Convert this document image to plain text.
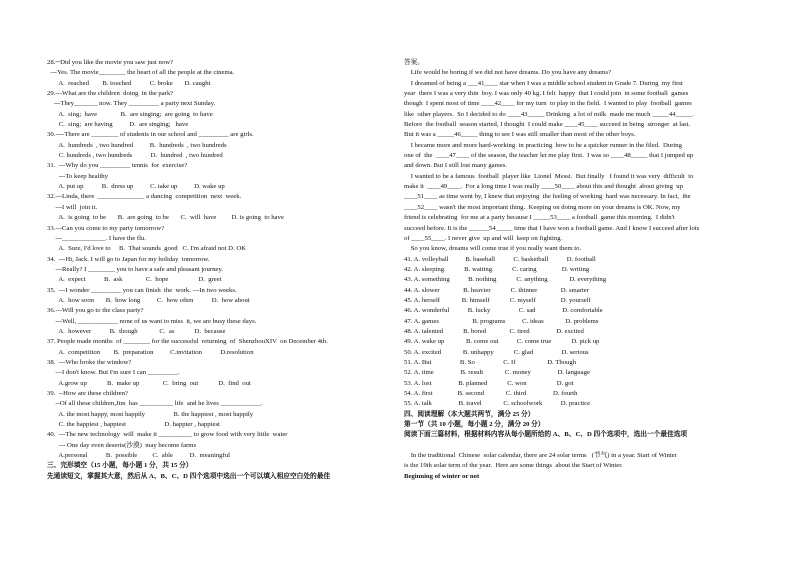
28.─Did you like the movie you saw just now?
---Yes. The movie________ the heart of all the people at the cinema.
A.  reached        B. touched           C. broke       D. caught
29.---What are the children  doing  in the park?
---They_______ now. They _________ a party next Sunday.
A.  sing;  have              B.  are singing;  are going  to have
C.  sing;  are having          D.  are singing;   have
30.----There are ________ of students in our school and _________ are girls.
A.  hundreds  , two hundred          B.  hundreds  , two hundreds
C. hundreds , two hundreds           D.  hundred  , two hundred
31.  ---Why do you _________ tennis  for  exercise?
---To keep healthy
A. put up           B.  dress up          C. take up          D. wake up
32.---Linda, there  ______________ a dancing  competition  next  week.
---I will  join it.
A.  is going  to be       B.  are going  to be       C.  will  have         D. is going  to have
33.---Can you come to my party tomorrow?
---_____________. I have the flu.
A.  Sure, I'd love to     B.  That sounds  good   C. I'm afraid not D. OK
34.  ---Hi, Jack. I will go to Japan for my holiday  tomorrow.
---Really? I ________ you to have a safe and pleasant journey.
A.  expect           B.  ask              C.  hope                  D.  greet
35.  ---I wonder _________ you can finish  the  work. ---In two weeks.
A.  how soon       B.  how long          C.  how often           D.  how about
36.---Will you go to the class party?
---Well, ____________ none of us want to miss  it, we are busy these days.
A.  however           B.  though             C.  as            D.  because
37. People made months  of ________ for the successful  returning  of  ShenzhouXIV  on December 4th.
A.  competition        B.  preparation          C.invitation           D.resolution
38.  ---Who broke the window?
---I don't know. But I'm sure I can _________.
A.grow up            B.  make up              C.  bring  out            D.  find  out
39.  --How are these children?
--Of all these children,Jim  has __________ life  and he lives ____________.
A. the most happy, most happily                 B. the happiest , most happily
C. the happiest , happiest                       D. happier , happiest
40.  ---The new technology  will  make it __________ to grow food with very little  water
--- One day even deserts(沙漠)  may become farms
A.personal           B.  possible         C.  able          D.  meaningful
三、完形填空（15 小题，每小题 1 分，共 15 分）
先通读短文，掌握其大意，然后从 A、B、C、D 四个选项中选出一个可以填入相应空白处的最佳
答案。
Life would be boring if we did not have dreams. Do you have any dreams?
I dreamed of being a ___41____ star when I was a middle school student in Grade 7. During  my first
year  there I was a very thin  boy. I was only 40 kg. I felt  happy  that I could join  in some football  games
though  I spent most of time ____42____ for my turn  to play in the field.  I wanted to play  football  games
like  other players.  So I decided to do ____43_____ Drinking  a lot of milk  made me much _____44_____.
Before  the football  season started, I thought  I could make ____45____ succeed in being  stronger  at last.
But it was a _____46_____ thing to see I was still smaller than most of the other boys.
I became more and more hard-working  in practicing  how to be a quicker runner in the filed.  During
one of  the  ____47____ of the season, the teacher let me play first.  I was so ____48_____ that I jumped up
and down. But I still lost many games.
I wanted to be a famous  football  player like  Lionel  Messi.  But finally   I found it was very  difficult  to
make it  ____49____.  For a long time I was really ____50____ about this and thought  about giving  up
____51____ as time went by, I knew that enjoying  the feeling of working  hard was necessary. In fact,  the
____52____ wasn't the most important thing.  Keeping on doing more on your dreams is OK. Now, my
friend is celebrating  for me at a party because I _____53____ a football  game this morning.  I didn't
succeed before. It is the ______54_____ time that I have won a football game. And I know I succeed after lots
of ____55____. I never give  up and will  keep on fighting.
So you know, dreams will come true if you really want them to.
41. A. volleyball          B. baseball           C. basketball           D. football
42. A. sleeping            B. waiting            C. caring               D. writing
43. A. something           B. nothing            C. anything             D. everything
44. A. slower              B. heavier            C. thinner              D. smarter
45. A. herself             B. himself            C. myself               D. yourself
46. A. wonderful           B. lucky                 C. sad                D. comfortable
47. A. games                    B. programs          C. ideas             D. problems
48. A. talented            B. bored              C. tired                D. excited
49. A. wake up             B. come out           C. come true            D. pick up
50. A. excited             B. unhappy            C. glad                 D. serious
51. A. But                 B. So                 C. If                   D. Though
52. A. time                B. result             C. money                D. language
53. A. lost                B. planned            C. won                  D. got
54. A. first               B. second             C. third                D. fourth
55. A. talk                B. travel             C. schoolwork           D. practice
四、阅读理解（本大题共两节，满分 25 分）
第一节（共 10 小题，每小题 2 分，满分 20 分）
阅读下面三篇材料，根据材料内容从每小题所给的 A、B、C、D 四个选项中，选出一个最佳选项
In the traditional  Chinese  solar calendar, there are 24 solar terms   (节气) in a year. Start of Winter
is the 19th solar term of the year.  Here are some things  about the Start of Winter.
Beginning of winter or not
